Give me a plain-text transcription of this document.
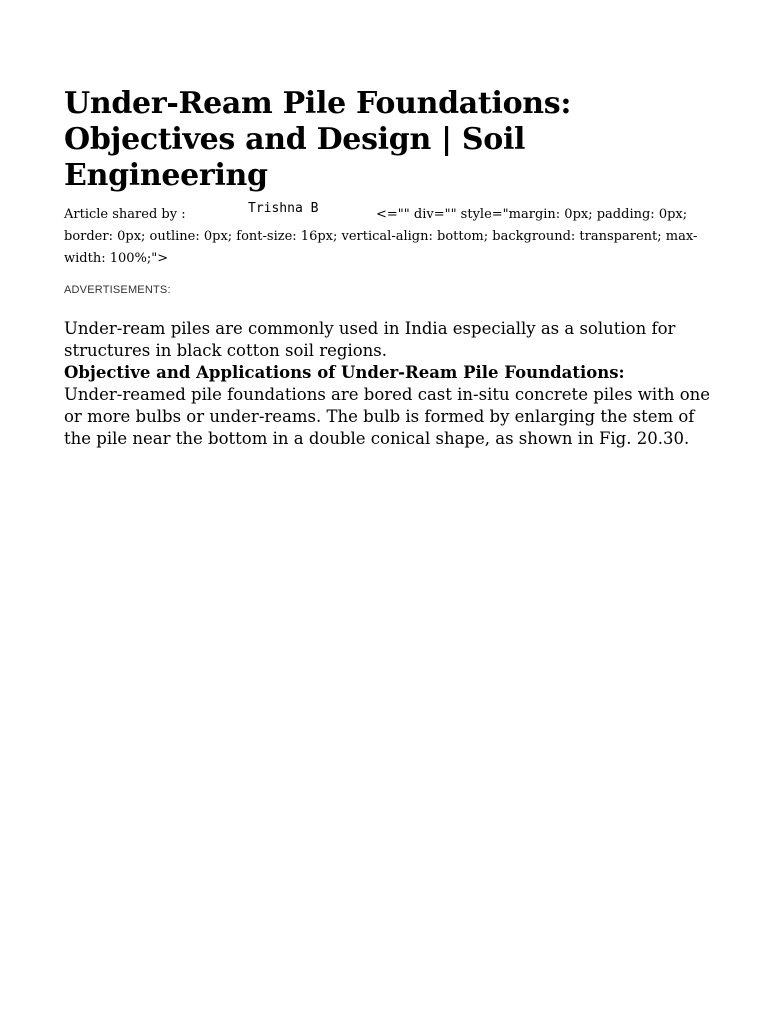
Under-Ream Pile Foundations: Objectives and Design | Soil Engineering
Article shared by :	<="" div="" style="margin: 0px; padding: 0px; border: 0px; outline: 0px; font-size: 16px; vertical-align: bottom; background: transparent; max-width: 100%;">
Trishna B
ADVERTISEMENTS:

Under-ream piles are commonly used in India especially as a solution for structures in black cotton soil regions.

Objective and Applications of Under-Ream Pile Foundations:

Under-reamed pile foundations are bored cast in-situ concrete piles with one or more bulbs or under-reams. The bulb is formed by enlarging the stem of the pile near the bottom in a double conical shape, as shown in Fig. 20.30.
